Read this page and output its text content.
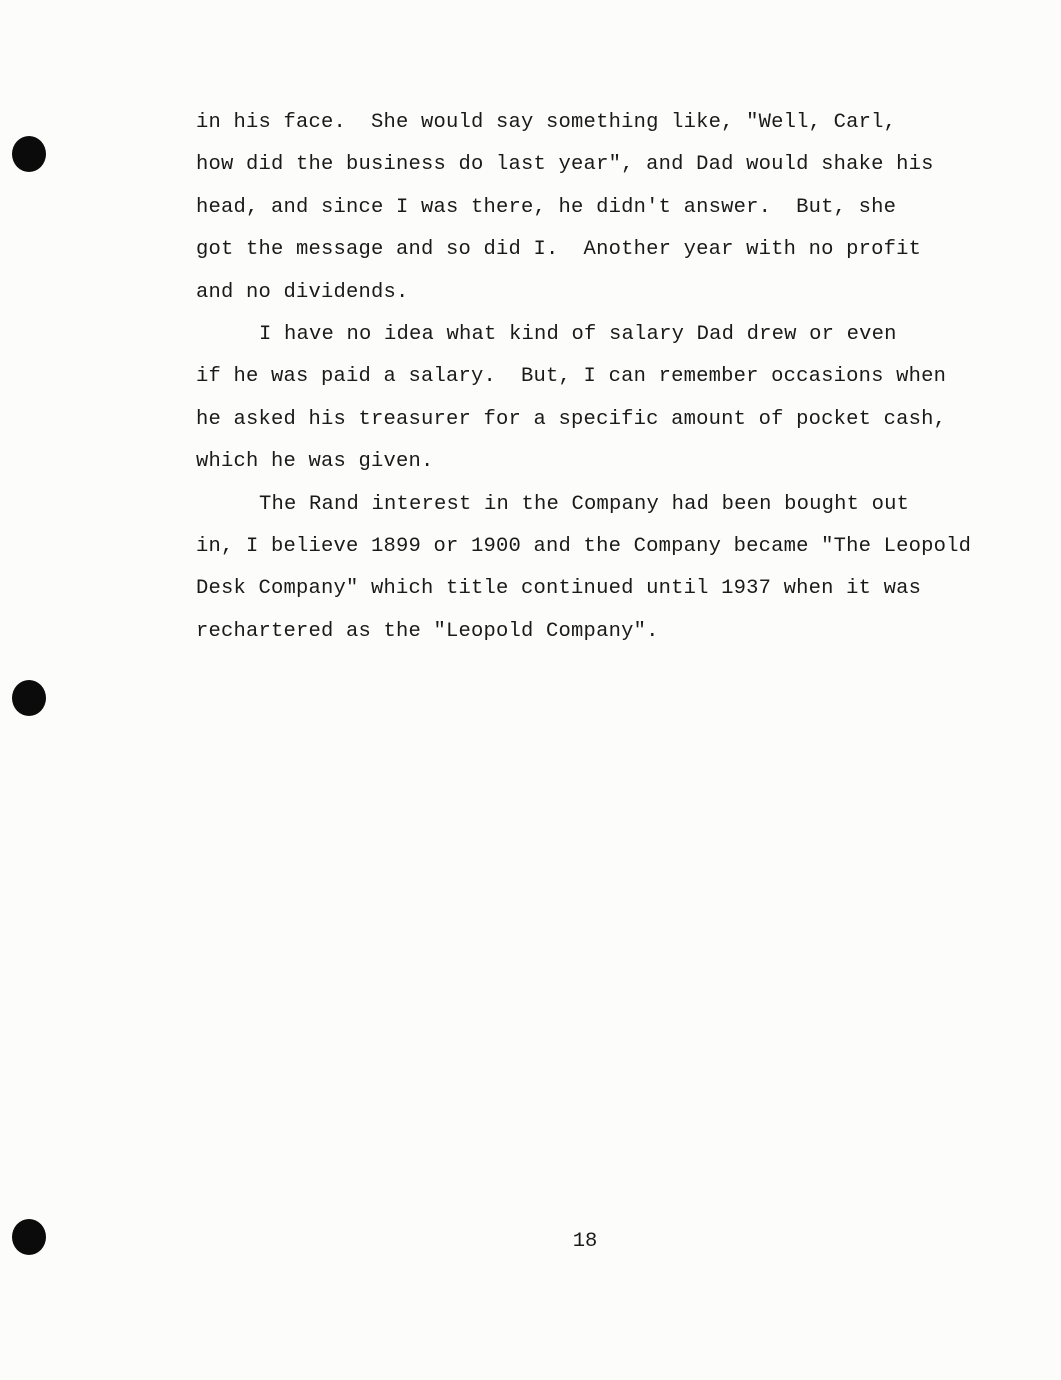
in his face.  She would say something like, "Well, Carl,
how did the business do last year", and Dad would shake his
head, and since I was there, he didn't answer.  But, she
got the message and so did I.  Another year with no profit
and no dividends.
I have no idea what kind of salary Dad drew or even
if he was paid a salary.  But, I can remember occasions when
he asked his treasurer for a specific amount of pocket cash,
which he was given.
The Rand interest in the Company had been bought out
in, I believe 1899 or 1900 and the Company became "The Leopold
Desk Company" which title continued until 1937 when it was
rechartered as the "Leopold Company".
18
